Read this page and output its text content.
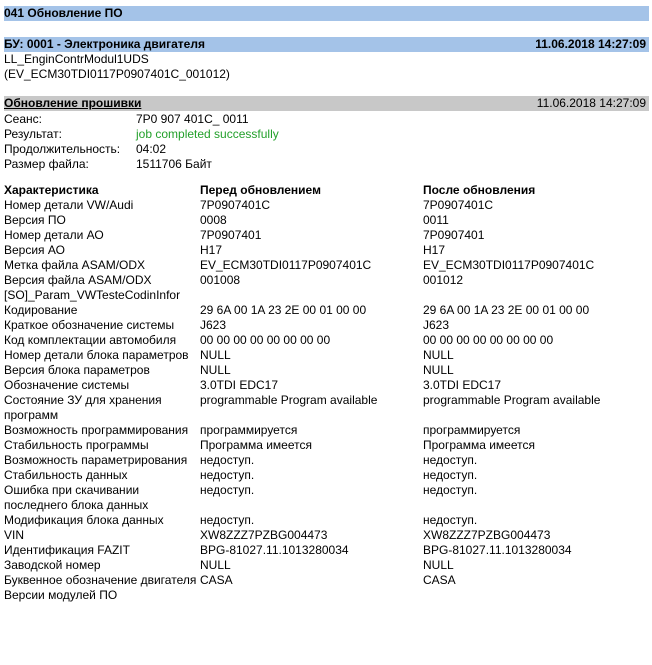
041 Обновление ПО
БУ: 0001 - Электроника двигателя	11.06.2018 14:27:09
LL_EnginContrModul1UDS
(EV_ECM30TDI0117P0907401C_001012)
Обновление прошивки	11.06.2018 14:27:09
Сеанс:	7P0 907 401C_ 0011
Результат:	job completed successfully
Продолжительность: 04:02
Размер файла:	1511706 Байт
Характеристика	Перед обновлением	После обновления
Номер детали VW/Audi	7P0907401C	7P0907401C
Версия ПО	0008	0011
Номер детали АО	7P0907401	7P0907401
Версия АО	H17	H17
Метка файла ASAM/ODX	EV_ECM30TDI0117P0907401C	EV_ECM30TDI0117P0907401C
Версия файла ASAM/ODX	001008	001012
[SO]_Param_VWTesteCodinInfor		
Кодирование	29 6A 00 1A 23 2E 00 01 00 00	29 6A 00 1A 23 2E 00 01 00 00
Краткое обозначение системы	J623	J623
Код комплектации автомобиля	00 00 00 00 00 00 00 00	00 00 00 00 00 00 00 00
Номер детали блока параметров	NULL	NULL
Версия блока параметров	NULL	NULL
Обозначение системы	3.0TDI EDC17	3.0TDI EDC17
Состояние ЗУ для хранения программ	programmable Program available	programmable Program available
Возможность программирования	программируется	программируется
Стабильность программы	Программа имеется	Программа имеется
Возможность параметрирования	недоступ.	недоступ.
Стабильность данных	недоступ.	недоступ.
Ошибка при скачивании последнего блока данных	недоступ.	недоступ.
Модификация блока данных	недоступ.	недоступ.
VIN	XW8ZZZ7PZBG004473	XW8ZZZ7PZBG004473
Идентификация FAZIT	BPG-81027.11.1013280034	BPG-81027.11.1013280034
Заводской номер	NULL	NULL
Буквенное обозначение двигателя	CASA	CASA
Версии модулей ПО		
